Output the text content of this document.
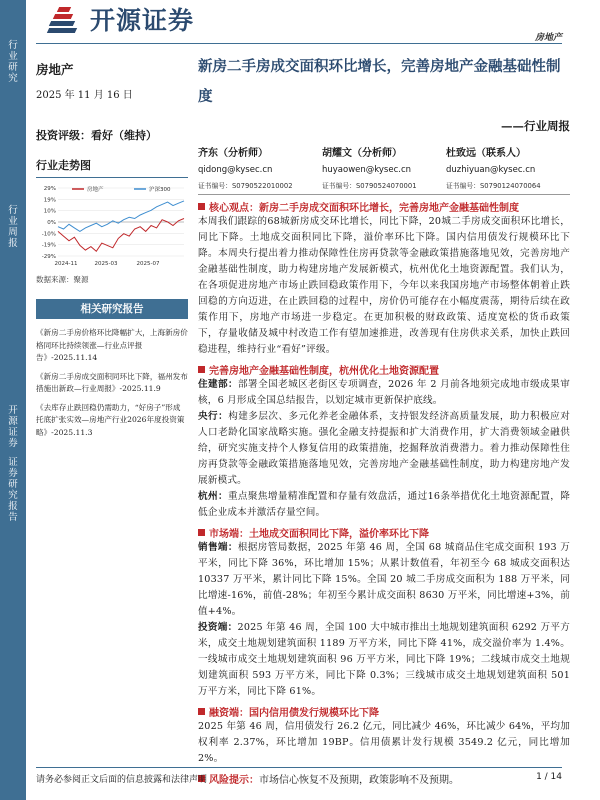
行业研究
行业周报
开源证券
证券研究报告
开源证券
房地产
房地产
2025 年 11 月 16 日
投资评级：看好（维持）
行业走势图
29%
19%
10%
0%
-10%
-19%
-29%
2024-11	2025-03	2025-07
房地产	沪深300
数据来源：聚源
相关研究报告
《新房二手房价格环比降幅扩大，上海新房价格同环比持续领涨—行业点评报告》-2025.11.14
《新房二手房成交面积同环比下降，福州发布措施出新政—行业周报》-2025.11.9
《去库存止跌回稳仍需助力，“好房子”形成托底扩张实效—房地产行业2026年度投资策略》-2025.11.3
新房二手房成交面积环比增长，完善房地产金融基础性制度
——行业周报
齐东（分析师）
qidong@kysec.cn
证书编号：S0790522010002
胡耀文（分析师）
huyaowen@kysec.cn
证书编号：S0790524070001
杜致远（联系人）
duzhiyuan@kysec.cn
证书编号：S0790124070064
核心观点：新房二手房成交面积环比增长，完善房地产金融基础性制度
本周我们跟踪的68城新房成交环比增长，同比下降，20城二手房成交面积环比增长，同比下降。土地成交面积同比下降，溢价率环比下降。国内信用债发行规模环比下降。本周央行提出着力推动保障性住房再贷款等金融政策措施落地见效，完善房地产金融基础性制度，助力构建房地产发展新模式，杭州优化土地资源配置。我们认为，在各项促进房地产市场止跌回稳政策作用下，今年以来我国房地产市场整体朝着止跌回稳的方向迈进，在止跌回稳的过程中，房价仍可能存在小幅度震荡，期待后续在政策作用下，房地产市场进一步稳定。在更加积极的财政政策、适度宽松的货币政策下，存量收储及城中村改造工作有望加速推进，改善现有住房供求关系，加快止跌回稳进程，维持行业“看好”评级。
完善房地产金融基础性制度，杭州优化土地资源配置
住建部：部署全国老城区老街区专项调查，2026 年 2 月前各地须完成地市级成果审核，6 月形成全国总结报告，以划定城市更新保护底线。
央行：构建多层次、多元化养老金融体系，支持银发经济高质量发展，助力积极应对人口老龄化国家战略实施。强化金融支持提振和扩大消费作用，扩大消费领域金融供给，研究实施支持个人修复信用的政策措施，挖掘释放消费潜力。着力推动保障性住房再贷款等金融政策措施落地见效，完善房地产金融基础性制度，助力构建房地产发展新模式。
杭州：重点聚焦增量精准配置和存量有效盘活，通过16条举措优化土地资源配置，降低企业成本并激活存量空间。
市场端：土地成交面积同比下降，溢价率环比下降
销售端：根据房管局数据，2025 年第 46 周，全国 68 城商品住宅成交面积 193 万平米，同比下降 36%，环比增加 15%；从累计数值看，年初至今 68 城成交面积达 10337 万平米，累计同比下降 15%。全国 20 城二手房成交面积为 188 万平米，同比增速-16%，前值-28%；年初至今累计成交面积 8630 万平米，同比增速+3%，前值+4%。
投资端：2025 年第 46 周，全国 100 大中城市推出土地规划建筑面积 6292 万平方米，成交土地规划建筑面积 1189 万平方米，同比下降 41%，成交溢价率为 1.4%。一线城市成交土地规划建筑面积 96 万平方米，同比下降 19%；二线城市成交土地规划建筑面积 593 万平方米，同比下降 0.3%；三线城市成交土地规划建筑面积 501 万平方米，同比下降 61%。
融资端：国内信用债发行规模环比下降
2025 年第 46 周，信用债发行 26.2 亿元，同比减少 46%，环比减少 64%，平均加权利率 2.37%，环比增加 19BP。信用债累计发行规模 3549.2 亿元，同比增加 2%。
风险提示： 市场信心恢复不及预期，政策影响不及预期。
请务必参阅正文后面的信息披露和法律声明	1 / 14
